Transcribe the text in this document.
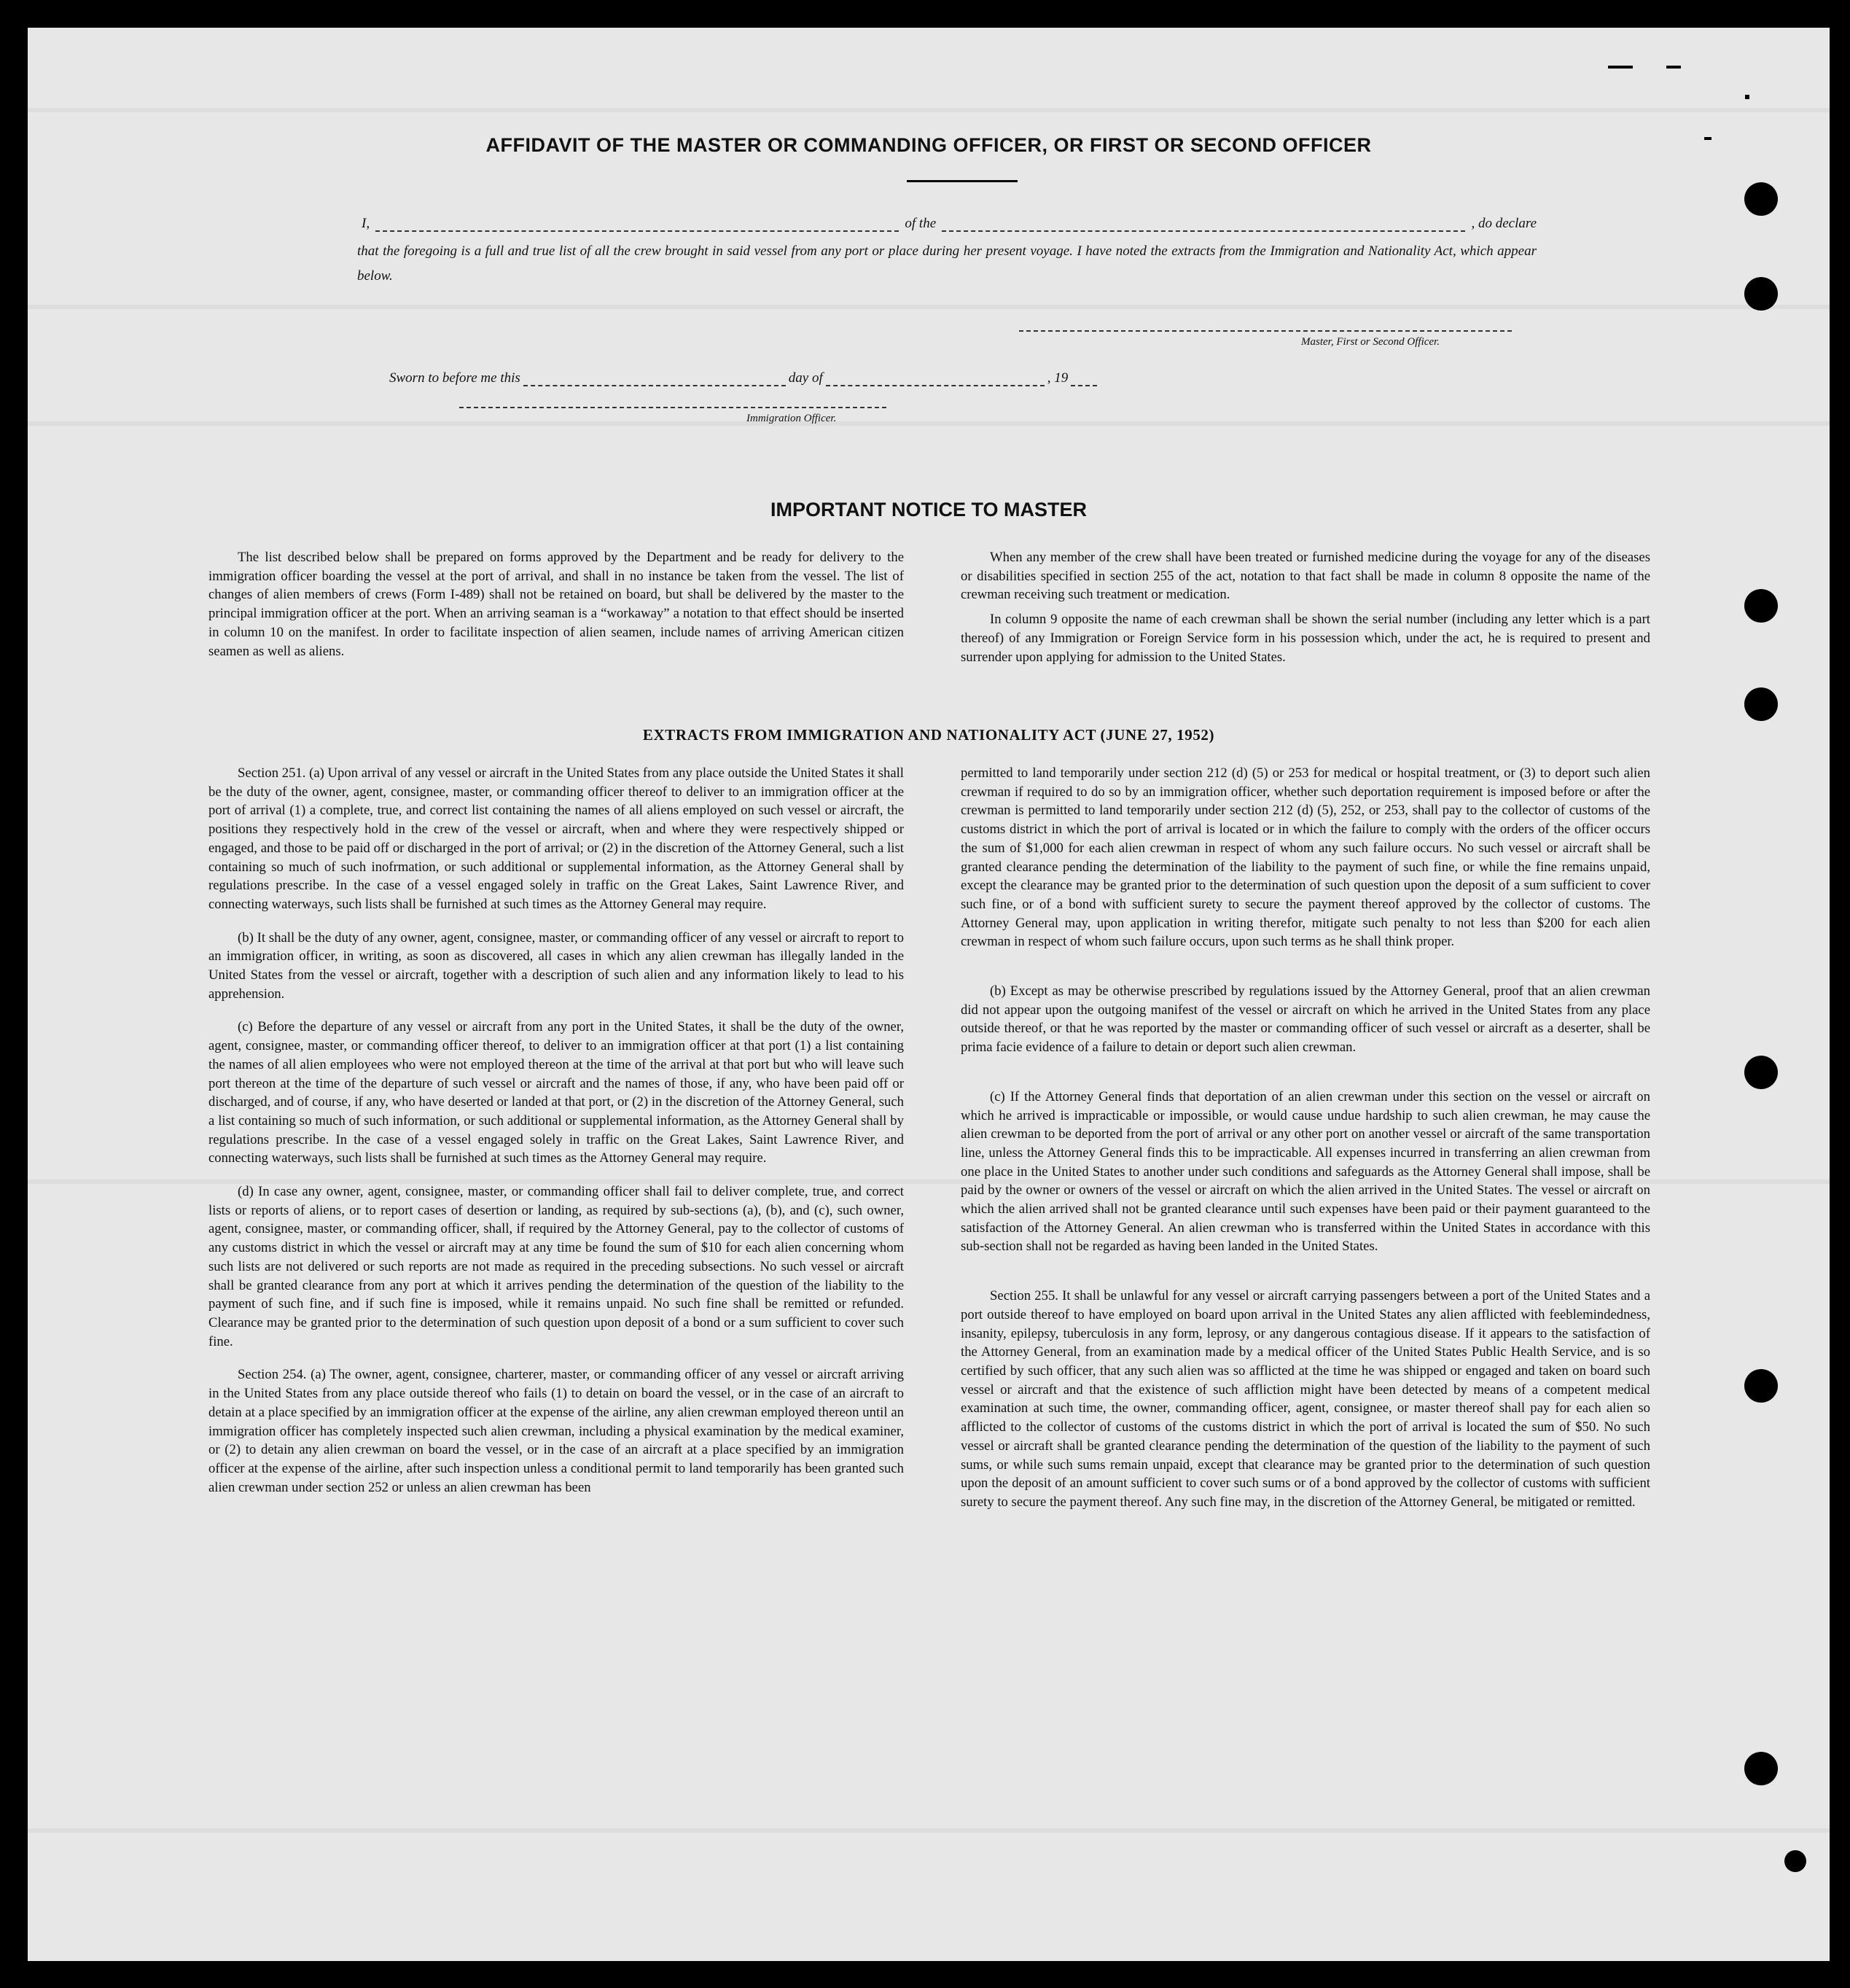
AFFIDAVIT OF THE MASTER OR COMMANDING OFFICER, OR FIRST OR SECOND OFFICER
I,	of the	, do declare
that the foregoing is a full and true list of all the crew brought in said vessel from any port or place during her present voyage. I have noted the extracts from the Immigration and Nationality Act, which appear below.
Master, First or Second Officer.
Sworn to before me this	day of	, 19
Immigration Officer.
IMPORTANT NOTICE TO MASTER

The list described below shall be prepared on forms approved by the Department and be ready for delivery to the immigration officer boarding the vessel at the port of arrival, and shall in no instance be taken from the vessel. The list of changes of alien members of crews (Form I-489) shall not be retained on board, but shall be delivered by the master to the principal immigration officer at the port. When an arriving seaman is a “workaway” a notation to that effect should be inserted in column 10 on the manifest. In order to facilitate inspection of alien seamen, include names of arriving American citizen seamen as well as aliens.

When any member of the crew shall have been treated or furnished medicine during the voyage for any of the diseases or disabilities specified in section 255 of the act, notation to that fact shall be made in column 8 opposite the name of the crewman receiving such treatment or medication.

In column 9 opposite the name of each crewman shall be shown the serial number (including any letter which is a part thereof) of any Immigration or Foreign Service form in his possession which, under the act, he is required to present and surrender upon applying for admission to the United States.

EXTRACTS FROM IMMIGRATION AND NATIONALITY ACT (JUNE 27, 1952)

Section 251. (a) Upon arrival of any vessel or aircraft in the United States from any place outside the United States it shall be the duty of the owner, agent, consignee, master, or commanding officer thereof to deliver to an immigration officer at the port of arrival (1) a complete, true, and correct list containing the names of all aliens employed on such vessel or aircraft, the positions they respectively hold in the crew of the vessel or aircraft, when and where they were respectively shipped or engaged, and those to be paid off or discharged in the port of arrival; or (2) in the discretion of the Attorney General, such a list containing so much of such inofrmation, or such additional or supplemental information, as the Attorney General shall by regulations prescribe. In the case of a vessel engaged solely in traffic on the Great Lakes, Saint Lawrence River, and connecting waterways, such lists shall be furnished at such times as the Attorney General may require.

(b) It shall be the duty of any owner, agent, consignee, master, or commanding officer of any vessel or aircraft to report to an immigration officer, in writing, as soon as discovered, all cases in which any alien crewman has illegally landed in the United States from the vessel or aircraft, together with a description of such alien and any information likely to lead to his apprehension.

(c) Before the departure of any vessel or aircraft from any port in the United States, it shall be the duty of the owner, agent, consignee, master, or commanding officer thereof, to deliver to an immigration officer at that port (1) a list containing the names of all alien employees who were not employed thereon at the time of the arrival at that port but who will leave such port thereon at the time of the departure of such vessel or aircraft and the names of those, if any, who have been paid off or discharged, and of course, if any, who have deserted or landed at that port, or (2) in the discretion of the Attorney General, such a list containing so much of such information, or such additional or supplemental information, as the Attorney General shall by regulations prescribe. In the case of a vessel engaged solely in traffic on the Great Lakes, Saint Lawrence River, and connecting waterways, such lists shall be furnished at such times as the Attorney General may require.

(d) In case any owner, agent, consignee, master, or commanding officer shall fail to deliver complete, true, and correct lists or reports of aliens, or to report cases of desertion or landing, as required by sub-sections (a), (b), and (c), such owner, agent, consignee, master, or commanding officer, shall, if required by the Attorney General, pay to the collector of customs of any customs district in which the vessel or aircraft may at any time be found the sum of $10 for each alien concerning whom such lists are not delivered or such reports are not made as required in the preceding subsections. No such vessel or aircraft shall be granted clearance from any port at which it arrives pending the determination of the question of the liability to the payment of such fine, and if such fine is imposed, while it remains unpaid. No such fine shall be remitted or refunded. Clearance may be granted prior to the determination of such question upon deposit of a bond or a sum sufficient to cover such fine.

Section 254. (a) The owner, agent, consignee, charterer, master, or commanding officer of any vessel or aircraft arriving in the United States from any place outside thereof who fails (1) to detain on board the vessel, or in the case of an aircraft to detain at a place specified by an immigration officer at the expense of the airline, any alien crewman employed thereon until an immigration officer has completely inspected such alien crewman, including a physical examination by the medical examiner, or (2) to detain any alien crewman on board the vessel, or in the case of an aircraft at a place specified by an immigration officer at the expense of the airline, after such inspection unless a conditional permit to land temporarily has been granted such alien crewman under section 252 or unless an alien crewman has been

permitted to land temporarily under section 212 (d) (5) or 253 for medical or hospital treatment, or (3) to deport such alien crewman if required to do so by an immigration officer, whether such deportation requirement is imposed before or after the crewman is permitted to land temporarily under section 212 (d) (5), 252, or 253, shall pay to the collector of customs of the customs district in which the port of arrival is located or in which the failure to comply with the orders of the officer occurs the sum of $1,000 for each alien crewman in respect of whom any such failure occurs. No such vessel or aircraft shall be granted clearance pending the determination of the liability to the payment of such fine, or while the fine remains unpaid, except the clearance may be granted prior to the determination of such question upon the deposit of a sum sufficient to cover such fine, or of a bond with sufficient surety to secure the payment thereof approved by the collector of customs. The Attorney General may, upon application in writing therefor, mitigate such penalty to not less than $200 for each alien crewman in respect of whom such failure occurs, upon such terms as he shall think proper.

(b) Except as may be otherwise prescribed by regulations issued by the Attorney General, proof that an alien crewman did not appear upon the outgoing manifest of the vessel or aircraft on which he arrived in the United States from any place outside thereof, or that he was reported by the master or commanding officer of such vessel or aircraft as a deserter, shall be prima facie evidence of a failure to detain or deport such alien crewman.

(c) If the Attorney General finds that deportation of an alien crewman under this section on the vessel or aircraft on which he arrived is impracticable or impossible, or would cause undue hardship to such alien crewman, he may cause the alien crewman to be deported from the port of arrival or any other port on another vessel or aircraft of the same transportation line, unless the Attorney General finds this to be impracticable. All expenses incurred in transferring an alien crewman from one place in the United States to another under such conditions and safeguards as the Attorney General shall impose, shall be paid by the owner or owners of the vessel or aircraft on which the alien arrived in the United States. The vessel or aircraft on which the alien arrived shall not be granted clearance until such expenses have been paid or their payment guaranteed to the satisfaction of the Attorney General. An alien crewman who is transferred within the United States in accordance with this sub-section shall not be regarded as having been landed in the United States.

Section 255. It shall be unlawful for any vessel or aircraft carrying passengers between a port of the United States and a port outside thereof to have employed on board upon arrival in the United States any alien afflicted with feeblemindedness, insanity, epilepsy, tuberculosis in any form, leprosy, or any dangerous contagious disease. If it appears to the satisfaction of the Attorney General, from an examination made by a medical officer of the United States Public Health Service, and is so certified by such officer, that any such alien was so afflicted at the time he was shipped or engaged and taken on board such vessel or aircraft and that the existence of such affliction might have been detected by means of a competent medical examination at such time, the owner, commanding officer, agent, consignee, or master thereof shall pay for each alien so afflicted to the collector of customs of the customs district in which the port of arrival is located the sum of $50. No such vessel or aircraft shall be granted clearance pending the determination of the question of the liability to the payment of such sums, or while such sums remain unpaid, except that clearance may be granted prior to the determination of such question upon the deposit of an amount sufficient to cover such sums or of a bond approved by the collector of customs with sufficient surety to secure the payment thereof. Any such fine may, in the discretion of the Attorney General, be mitigated or remitted.
